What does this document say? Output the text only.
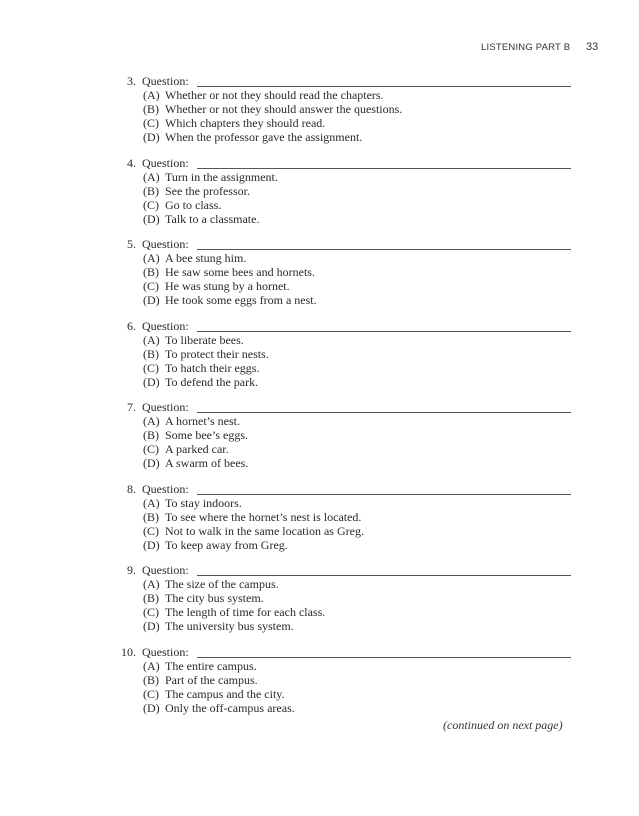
LISTENING PART B 33
3. Question:
(A) Whether or not they should read the chapters.
(B) Whether or not they should answer the questions.
(C) Which chapters they should read.
(D) When the professor gave the assignment.
4. Question:
(A) Turn in the assignment.
(B) See the professor.
(C) Go to class.
(D) Talk to a classmate.
5. Question:
(A) A bee stung him.
(B) He saw some bees and hornets.
(C) He was stung by a hornet.
(D) He took some eggs from a nest.
6. Question:
(A) To liberate bees.
(B) To protect their nests.
(C) To hatch their eggs.
(D) To defend the park.
7. Question:
(A) A hornet’s nest.
(B) Some bee’s eggs.
(C) A parked car.
(D) A swarm of bees.
8. Question:
(A) To stay indoors.
(B) To see where the hornet’s nest is located.
(C) Not to walk in the same location as Greg.
(D) To keep away from Greg.
9. Question:
(A) The size of the campus.
(B) The city bus system.
(C) The length of time for each class.
(D) The university bus system.
10. Question:
(A) The entire campus.
(B) Part of the campus.
(C) The campus and the city.
(D) Only the off-campus areas.
(continued on next page)
